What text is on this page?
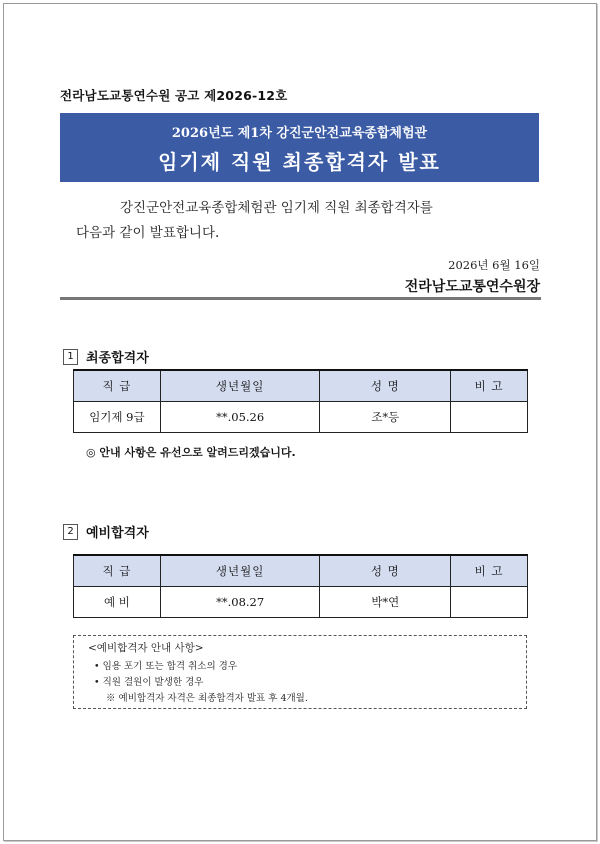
전라남도교통연수원 공고 제2026-12호
2026년도 제1차 강진군안전교육종합체험관
임기제 직원 최종합격자 발표
강진군안전교육종합체험관 임기제 직원 최종합격자를
다음과 같이 발표합니다.
2026년 6월 16일
전라남도교통연수원장
1 최종합격자
직 급	생년월일	성 명	비 고
임기제 9급	**.05.26	조*등	
◎ 안내 사항은 유선으로 알려드리겠습니다.
2 예비합격자
직 급	생년월일	성 명	비 고
예 비	**.08.27	박*연	
<예비합격자 안내 사항>
• 임용 포기 또는 합격 취소의 경우
• 직원 결원이 발생한 경우
※ 예비합격자 자격은 최종합격자 발표 후 4개월.
